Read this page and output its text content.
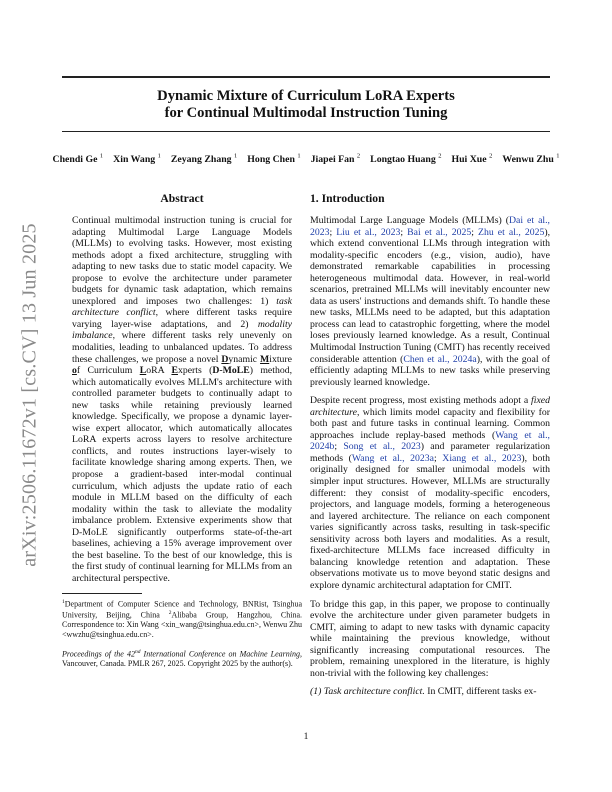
arXiv:2506.11672v1 [cs.CV] 13 Jun 2025
Dynamic Mixture of Curriculum LoRA Experts
for Continual Multimodal Instruction Tuning
Chendi Ge $^1$ Xin Wang $^1$ Zeyang Zhang $^1$ Hong Chen $^1$ Jiapei Fan $^2$ Longtao Huang $^2$ Hui Xue $^2$ Wenwu Zhu $^1$
Abstract

Continual multimodal instruction tuning is crucial for adapting Multimodal Large Language Models (MLLMs) to evolving tasks. However, most existing methods adopt a fixed architecture, struggling with adapting to new tasks due to static model capacity. We propose to evolve the architecture under parameter budgets for dynamic task adaptation, which remains unexplored and imposes two challenges: 1) task architecture conflict, where different tasks require varying layer-wise adaptations, and 2) modality imbalance, where different tasks rely unevenly on modalities, leading to unbalanced updates. To address these challenges, we propose a novel Dynamic Mixture of Curriculum LoRA Experts (D-MoLE) method, which automatically evolves MLLM's architecture with controlled parameter budgets to continually adapt to new tasks while retaining previously learned knowledge. Specifically, we propose a dynamic layer-wise expert allocator, which automatically allocates LoRA experts across layers to resolve architecture conflicts, and routes instructions layer-wisely to facilitate knowledge sharing among experts. Then, we propose a gradient-based inter-modal continual curriculum, which adjusts the update ratio of each module in MLLM based on the difficulty of each modality within the task to alleviate the modality imbalance problem. Extensive experiments show that D-MoLE significantly outperforms state-of-the-art baselines, achieving a 15% average improvement over the best baseline. To the best of our knowledge, this is the first study of continual learning for MLLMs from an architectural perspective.

$^1$Department of Computer Science and Technology, BNRist, Tsinghua University, Beijing, China $^2$Alibaba Group, Hangzhou, China. Correspondence to: Xin Wang <xin_wang@tsinghua.edu.cn>, Wenwu Zhu <wwzhu@tsinghua.edu.cn>.
Proceedings of the 42nd International Conference on Machine Learning, Vancouver, Canada. PMLR 267, 2025. Copyright 2025 by the author(s).
1. Introduction

Multimodal Large Language Models (MLLMs) (Dai et al., 2023; Liu et al., 2023; Bai et al., 2025; Zhu et al., 2025), which extend conventional LLMs through integration with modality-specific encoders (e.g., vision, audio), have demonstrated remarkable capabilities in processing heterogeneous multimodal data. However, in real-world scenarios, pretrained MLLMs will inevitably encounter new data as users' instructions and demands shift. To handle these new tasks, MLLMs need to be adapted, but this adaptation process can lead to catastrophic forgetting, where the model loses previously learned knowledge. As a result, Continual Multimodal Instruction Tuning (CMIT) has recently received considerable attention (Chen et al., 2024a), with the goal of efficiently adapting MLLMs to new tasks while preserving previously learned knowledge.

Despite recent progress, most existing methods adopt a fixed architecture, which limits model capacity and flexibility for both past and future tasks in continual learning. Common approaches include replay-based methods (Wang et al., 2024b; Song et al., 2023) and parameter regularization methods (Wang et al., 2023a; Xiang et al., 2023), both originally designed for smaller unimodal models with simpler input structures. However, MLLMs are structurally different: they consist of modality-specific encoders, projectors, and language models, forming a heterogeneous and layered architecture. The reliance on each component varies significantly across tasks, resulting in task-specific sensitivity across both layers and modalities. As a result, fixed-architecture MLLMs face increased difficulty in balancing knowledge retention and adaptation. These observations motivate us to move beyond static designs and explore dynamic architectural adaptation for CMIT.

To bridge this gap, in this paper, we propose to continually evolve the architecture under given parameter budgets in CMIT, aiming to adapt to new tasks with dynamic capacity while maintaining the previous knowledge, without significantly increasing computational resources. The problem, remaining unexplored in the literature, is highly non-trivial with the following key challenges:

(1) Task architecture conflict. In CMIT, different tasks ex-

1
